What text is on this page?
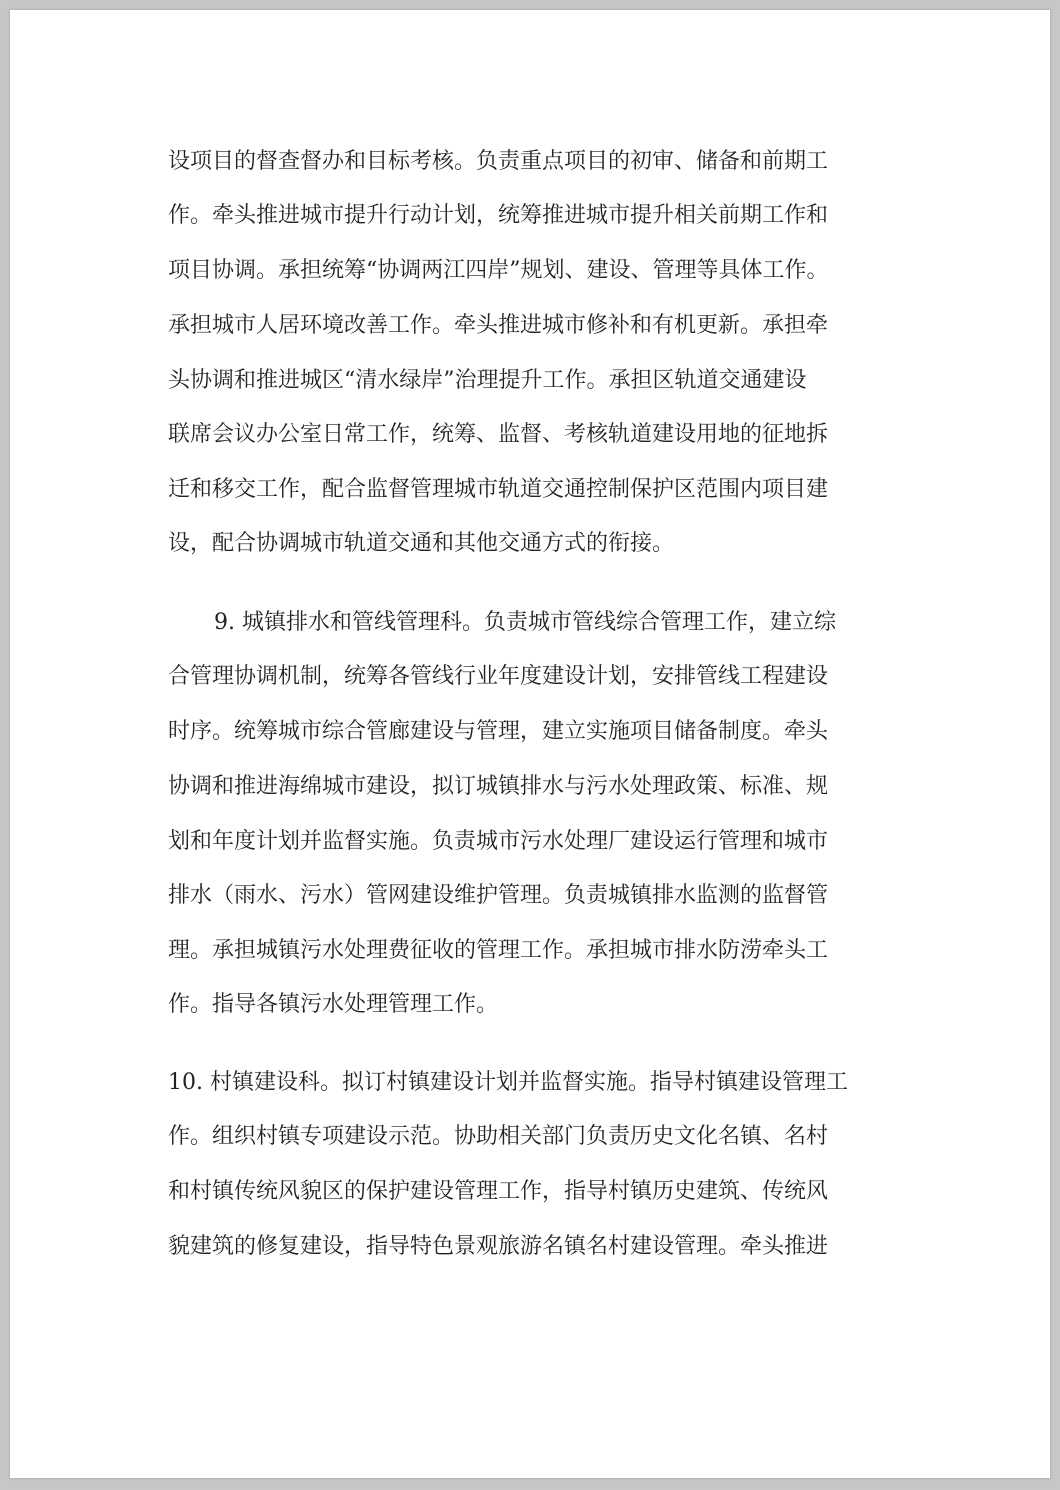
设项目的督查督办和目标考核。负责重点项目的初审、储备和前期工
作。牵头推进城市提升行动计划，统筹推进城市提升相关前期工作和
项目协调。承担统筹“协调两江四岸”规划、建设、管理等具体工作。
承担城市人居环境改善工作。牵头推进城市修补和有机更新。承担牵
头协调和推进城区“清水绿岸”治理提升工作。承担区轨道交通建设
联席会议办公室日常工作，统筹、监督、考核轨道建设用地的征地拆
迁和移交工作，配合监督管理城市轨道交通控制保护区范围内项目建
设，配合协调城市轨道交通和其他交通方式的衔接。
9. 城镇排水和管线管理科。负责城市管线综合管理工作，建立综
合管理协调机制，统筹各管线行业年度建设计划，安排管线工程建设
时序。统筹城市综合管廊建设与管理，建立实施项目储备制度。牵头
协调和推进海绵城市建设，拟订城镇排水与污水处理政策、标准、规
划和年度计划并监督实施。负责城市污水处理厂建设运行管理和城市
排水（雨水、污水）管网建设维护管理。负责城镇排水监测的监督管
理。承担城镇污水处理费征收的管理工作。承担城市排水防涝牵头工
作。指导各镇污水处理管理工作。
10. 村镇建设科。拟订村镇建设计划并监督实施。指导村镇建设管理工
作。组织村镇专项建设示范。协助相关部门负责历史文化名镇、名村
和村镇传统风貌区的保护建设管理工作，指导村镇历史建筑、传统风
貌建筑的修复建设，指导特色景观旅游名镇名村建设管理。牵头推进
